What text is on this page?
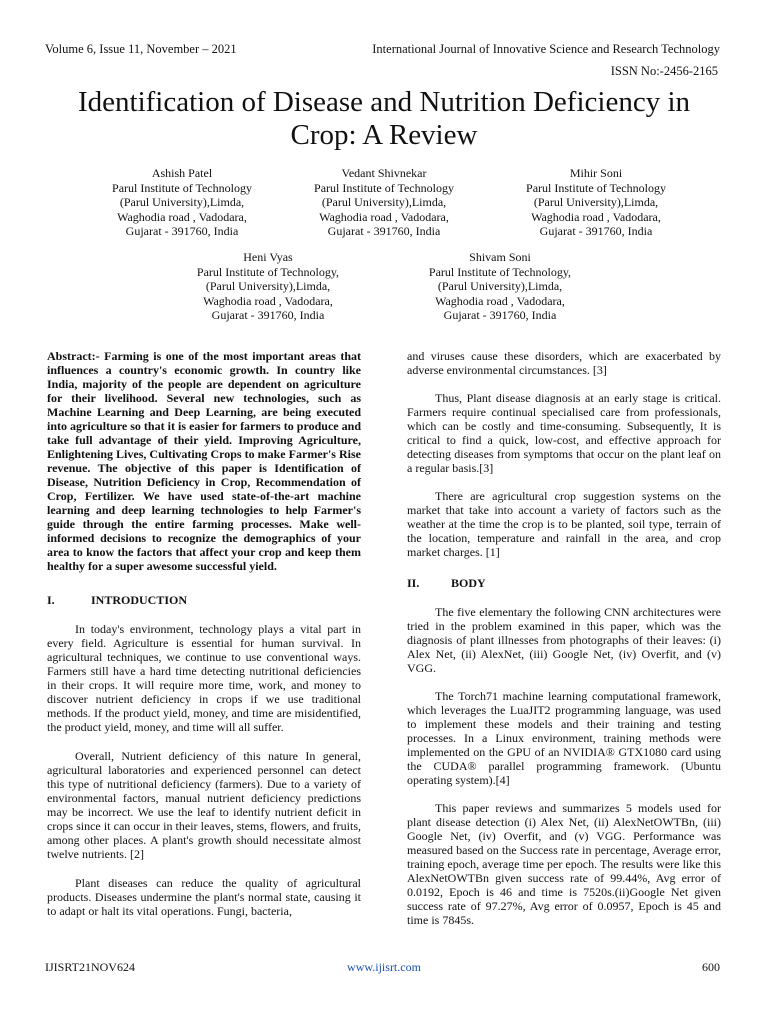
Volume 6, Issue 11, November – 2021	International Journal of Innovative Science and Research Technology
ISSN No:-2456-2165
Identification of Disease and Nutrition Deficiency in
Crop: A Review
Ashish Patel
Parul Institute of Technology
(Parul University),Limda,
Waghodia road , Vadodara,
Gujarat - 391760, India
Vedant Shivnekar
Parul Institute of Technology
(Parul University),Limda,
Waghodia road , Vadodara,
Gujarat - 391760, India
Mihir Soni
Parul Institute of Technology
(Parul University),Limda,
Waghodia road , Vadodara,
Gujarat - 391760, India
Heni Vyas
Parul Institute of Technology,
(Parul University),Limda,
Waghodia road , Vadodara,
Gujarat - 391760, India
Shivam Soni
Parul Institute of Technology,
(Parul University),Limda,
Waghodia road , Vadodara,
Gujarat - 391760, India

Abstract:- Farming is one of the most important areas that influences a country's economic growth. In country like India, majority of the people are dependent on agriculture for their livelihood. Several new technologies, such as Machine Learning and Deep Learning, are being executed into agriculture so that it is easier for farmers to produce and take full advantage of their yield. Improving Agriculture, Enlightening Lives, Cultivating Crops to make Farmer's Rise revenue. The objective of this paper is Identification of Disease, Nutrition Deficiency in Crop, Recommendation of Crop, Fertilizer. We have used state-of-the-art machine learning and deep learning technologies to help Farmer's guide through the entire farming processes. Make well-informed decisions to recognize the demographics of your area to know the factors that affect your crop and keep them healthy for a super awesome successful yield.

I.	INTRODUCTION

In today's environment, technology plays a vital part in every field. Agriculture is essential for human survival. In agricultural techniques, we continue to use conventional ways. Farmers still have a hard time detecting nutritional deficiencies in their crops. It will require more time, work, and money to discover nutrient deficiency in crops if we use traditional methods. If the product yield, money, and time are misidentified, the product yield, money, and time will all suffer.

Overall, Nutrient deficiency of this nature In general, agricultural laboratories and experienced personnel can detect this type of nutritional deficiency (farmers). Due to a variety of environmental factors, manual nutrient deficiency predictions may be incorrect. We use the leaf to identify nutrient deficit in crops since it can occur in their leaves, stems, flowers, and fruits, among other places. A plant's growth should necessitate almost twelve nutrients. [2]

Plant diseases can reduce the quality of agricultural products. Diseases undermine the plant's normal state, causing it to adapt or halt its vital operations. Fungi, bacteria,

and viruses cause these disorders, which are exacerbated by adverse environmental circumstances. [3]

Thus, Plant disease diagnosis at an early stage is critical. Farmers require continual specialised care from professionals, which can be costly and time-consuming. Subsequently, It is critical to find a quick, low-cost, and effective approach for detecting diseases from symptoms that occur on the plant leaf on a regular basis.[3]

There are agricultural crop suggestion systems on the market that take into account a variety of factors such as the weather at the time the crop is to be planted, soil type, terrain of the location, temperature and rainfall in the area, and crop market charges. [1]

II.	BODY

The five elementary the following CNN architectures were tried in the problem examined in this paper, which was the diagnosis of plant illnesses from photographs of their leaves: (i) Alex Net, (ii) AlexNet, (iii) Google Net, (iv) Overfit, and (v) VGG.

The Torch71 machine learning computational framework, which leverages the LuaJIT2 programming language, was used to implement these models and their training and testing processes. In a Linux environment, training methods were implemented on the GPU of an NVIDIA® GTX1080 card using the CUDA® parallel programming framework. (Ubuntu operating system).[4]

This paper reviews and summarizes 5 models used for plant disease detection (i) Alex Net, (ii) AlexNetOWTBn, (iii) Google Net, (iv) Overfit, and (v) VGG. Performance was measured based on the Success rate in percentage, Average error, training epoch, average time per epoch. The results were like this AlexNetOWTBn given success rate of 99.44%, Avg error of 0.0192, Epoch is 46 and time is 7520s.(ii)Google Net given success rate of 97.27%, Avg error of 0.0957, Epoch is 45 and time is 7845s.

IJISRT21NOV624	www.ijisrt.com	600
